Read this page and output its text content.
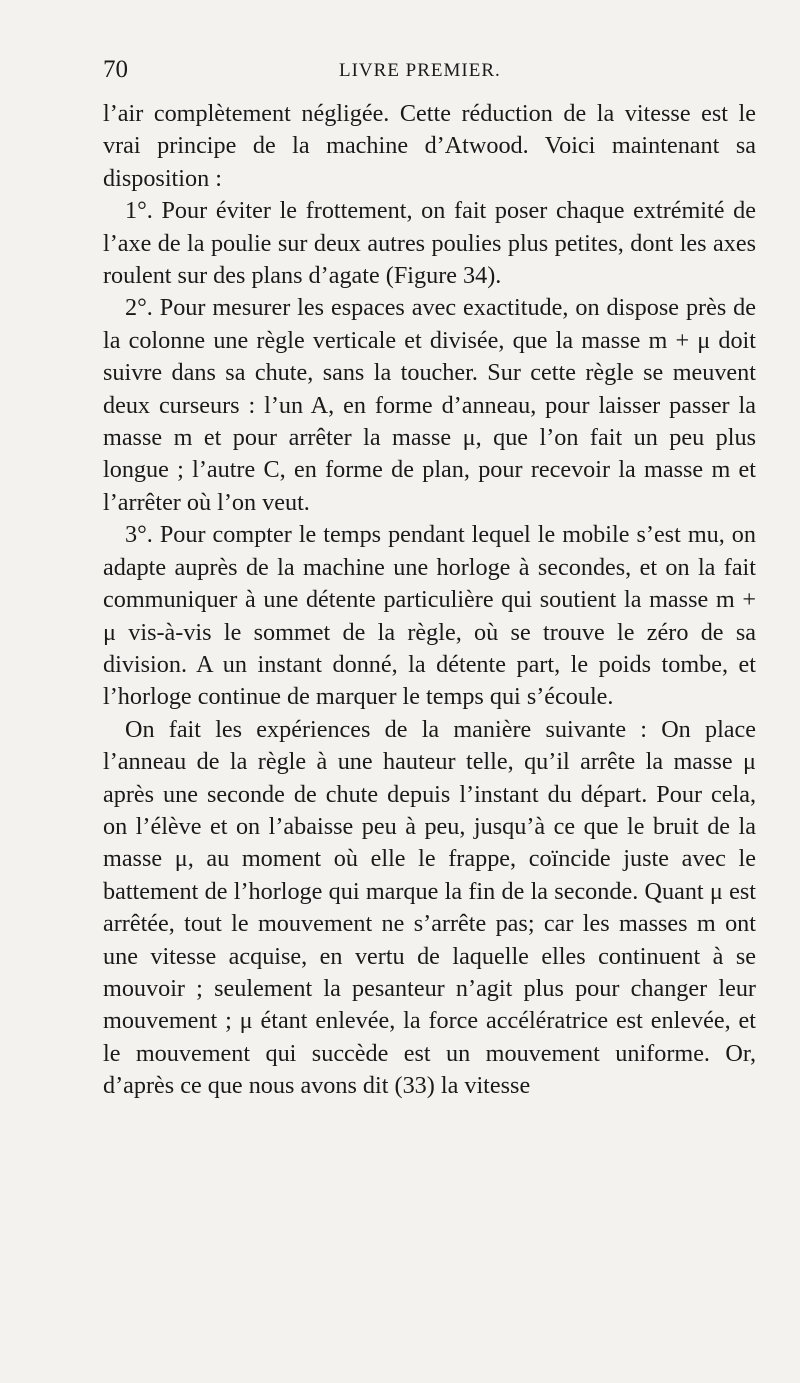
70	LIVRE PREMIER.

l’air complètement négligée. Cette réduction de la vitesse est le vrai principe de la machine d’Atwood. Voici maintenant sa disposition :

1°. Pour éviter le frottement, on fait poser chaque extrémité de l’axe de la poulie sur deux autres poulies plus petites, dont les axes roulent sur des plans d’agate (Figure 34).

2°. Pour mesurer les espaces avec exactitude, on dispose près de la colonne une règle verticale et divisée, que la masse m + μ doit suivre dans sa chute, sans la toucher. Sur cette règle se meuvent deux curseurs : l’un A, en forme d’anneau, pour laisser passer la masse m et pour arrêter la masse μ, que l’on fait un peu plus longue ; l’autre C, en forme de plan, pour recevoir la masse m et l’arrêter où l’on veut.

3°. Pour compter le temps pendant lequel le mobile s’est mu, on adapte auprès de la machine une horloge à secondes, et on la fait communiquer à une détente particulière qui soutient la masse m + μ vis-à-vis le sommet de la règle, où se trouve le zéro de sa division. A un instant donné, la détente part, le poids tombe, et l’horloge continue de marquer le temps qui s’écoule.

On fait les expériences de la manière suivante : On place l’anneau de la règle à une hauteur telle, qu’il arrête la masse μ après une seconde de chute depuis l’instant du départ. Pour cela, on l’élève et on l’abaisse peu à peu, jusqu’à ce que le bruit de la masse μ, au moment où elle le frappe, coïncide juste avec le battement de l’horloge qui marque la fin de la seconde. Quant μ est arrêtée, tout le mouvement ne s’arrête pas; car les masses m ont une vitesse acquise, en vertu de laquelle elles continuent à se mouvoir ; seulement la pesanteur n’agit plus pour changer leur mouvement ; μ étant enlevée, la force accélératrice est enlevée, et le mouvement qui succède est un mouvement uniforme. Or, d’après ce que nous avons dit (33) la vitesse
